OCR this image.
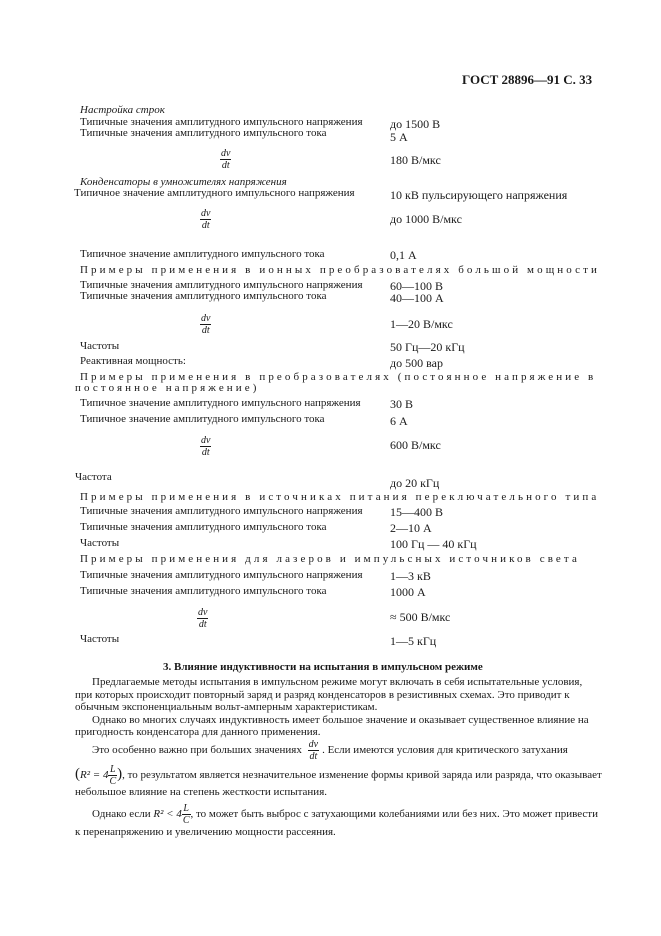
ГОСТ 28896—91 С. 33
Настройка строк
Типичные значения амплитудного импульсного напряжения до 1500 В
Типичные значения амплитудного импульсного тока	5 А
$\frac{dv}{dt}$	180 В/мкс
Конденсаторы в умножителях напряжения
Типичное значение амплитудного импульсного напряжения	10 кВ пульсирующего напряжения
$\frac{dv}{dt}$	до 1000 В/мкс
Типичное значение амплитудного импульсного тока	0,1 А
Примеры применения в ионных преобразователях большой мощности
Типичные значения амплитудного импульсного напряжения 60—100 В
Типичные значения амплитудного импульсного тока	40—100 А
$\frac{dv}{dt}$	1—20 В/мкс
Частоты	50 Гц—20 кГц
Реактивная мощность:	до 500 вар
Примеры применения в преобразователях (постоянное напряжение в
постоянное напряжение)
Типичное значение амплитудного импульсного напряжения 30 В
Типичное значение амплитудного импульсного тока	6 А
$\frac{dv}{dt}$	600 В/мкс
Частота	до 20 кГц
Примеры применения в источниках питания переключательного типа
Типичные значения амплитудного импульсного напряжения 15—400 В
Типичные значения амплитудного импульсного тока	2—10 А
Частоты	100 Гц — 40 кГц
Примеры применения для лазеров и импульсных источников света
Типичные значения амплитудного импульсного напряжения 1—3 кВ
Типичные значения амплитудного импульсного тока	1000 А
$\frac{dv}{dt}$	≈ 500 В/мкс
Частоты	1—5 кГц
3. Влияние индуктивности на испытания в импульсном режиме
Предлагаемые методы испытания в импульсном режиме могут включать в себя испытательные условия,
при которых происходит повторный заряд и разряд конденсаторов в резистивных схемах. Это приводит к
обычным экспоненциальным вольт-амперным характеристикам.
Однако во многих случаях индуктивность имеет большое значение и оказывает существенное влияние на
пригодность конденсатора для данного применения.
Это особенно важно при больших значениях $\frac{dv}{dt}$ . Если имеются условия для критического затухания
($R^2 = 4 \frac{L}{C}$ ), то результатом является незначительное изменение формы кривой заряда или разряда, что оказывает
небольшое влияние на степень жесткости испытания.
Однако если $R^2 < 4 \frac{L}{C}$ , то может быть выброс с затухающими колебаниями или без них. Это может привести
к перенапряжению и увеличению мощности рассеяния.
